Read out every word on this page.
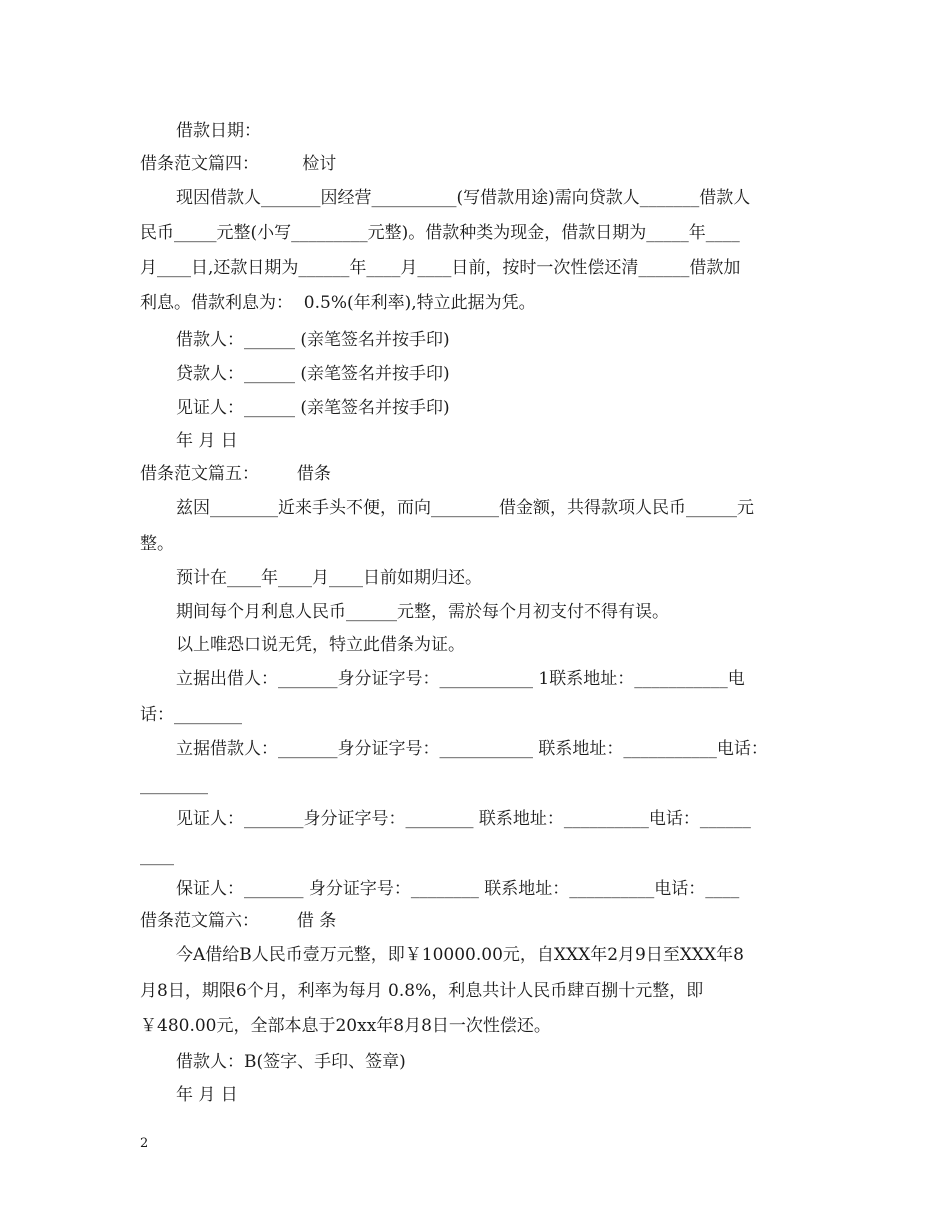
借款日期：
借条范文篇四：        检讨
现因借款人_______因经营__________(写借款用途)需向贷款人_______借款人
民币_____元整(小写_________元整)。借款种类为现金，借款日期为_____年____
月____日,还款日期为______年____月____日前，按时一次性偿还清______借款加
利息。借款利息为：  0.5%(年利率),特立此据为凭。
借款人：______ (亲笔签名并按手印)
贷款人：______ (亲笔签名并按手印)
见证人：______ (亲笔签名并按手印)
年 月 日
借条范文篇五：       借条
兹因________近来手头不便，而向________借金额，共得款项人民币______元
整。
预计在____年____月____日前如期归还。
期间每个月利息人民币______元整，需於每个月初支付不得有误。
以上唯恐口说无凭，特立此借条为证。
立据出借人：_______身分证字号：___________ 1联系地址：___________电
话：________
立据借款人：_______身分证字号：___________ 联系地址：___________电话：
________
见证人：_______身分证字号：________ 联系地址：__________电话：______
____
保证人：_______ 身分证字号：________ 联系地址：__________电话：____
借条范文篇六：       借 条
今A借给B人民币壹万元整，即￥10000.00元，自XXX年2月9日至XXX年8
月8日，期限6个月，利率为每月 0.8%，利息共计人民币肆百捌十元整，即
￥480.00元，全部本息于20xx年8月8日一次性偿还。
借款人：B(签字、手印、签章)
年 月 日
2
